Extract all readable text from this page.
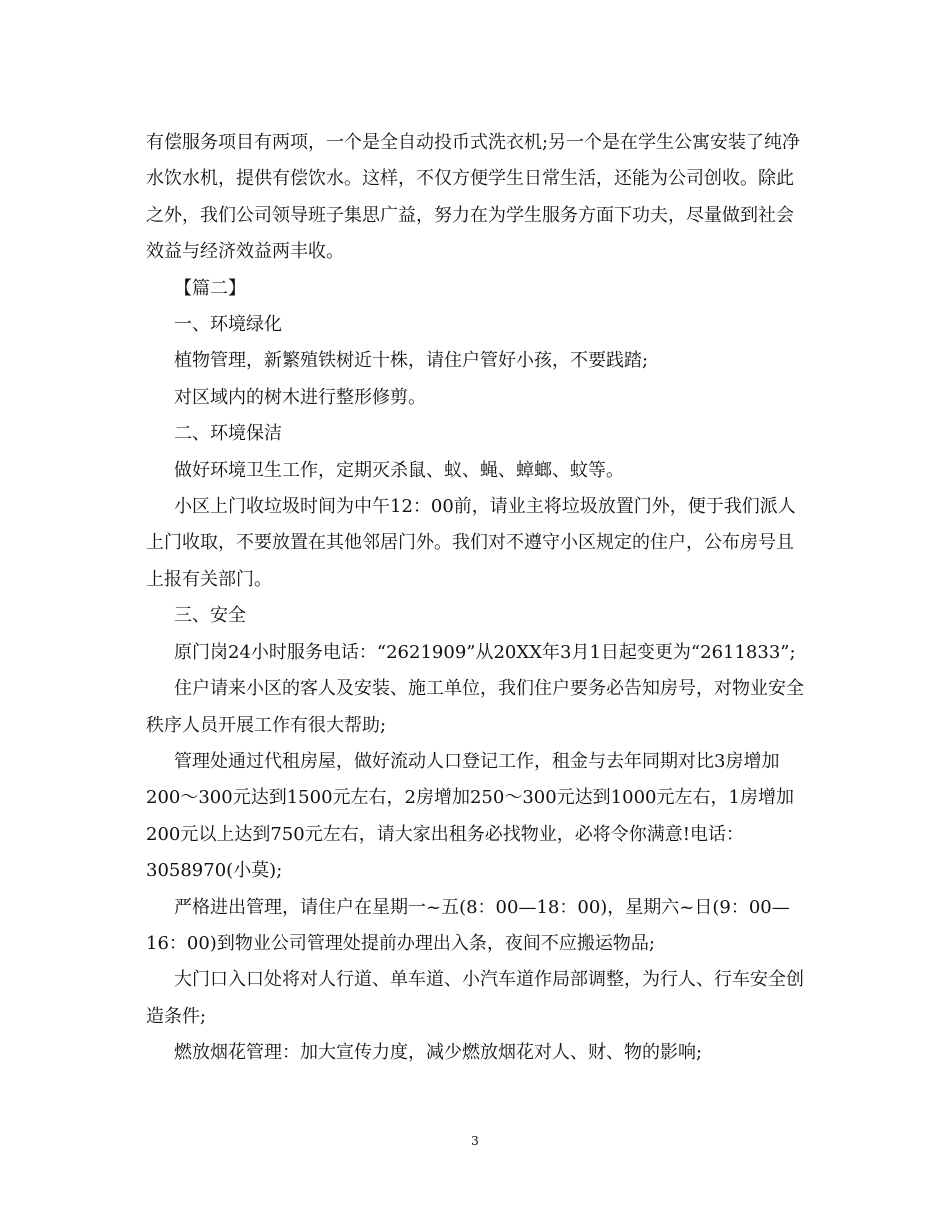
有偿服务项目有两项，一个是全自动投币式洗衣机;另一个是在学生公寓安装了纯净水饮水机，提供有偿饮水。这样，不仅方便学生日常生活，还能为公司创收。除此之外，我们公司领导班子集思广益，努力在为学生服务方面下功夫，尽量做到社会效益与经济效益两丰收。

【篇二】

一、环境绿化

植物管理，新繁殖铁树近十株，请住户管好小孩，不要践踏;

对区域内的树木进行整形修剪。

二、环境保洁

做好环境卫生工作，定期灭杀鼠、蚁、蝇、蟑螂、蚊等。

小区上门收垃圾时间为中午12：00前，请业主将垃圾放置门外，便于我们派人上门收取，不要放置在其他邻居门外。我们对不遵守小区规定的住户，公布房号且上报有关部门。

三、安全

原门岗24小时服务电话：“2621909”从20XX年3月1日起变更为“2611833”;

住户请来小区的客人及安装、施工单位，我们住户要务必告知房号，对物业安全秩序人员开展工作有很大帮助;

管理处通过代租房屋，做好流动人口登记工作，租金与去年同期对比3房增加200～300元达到1500元左右，2房增加250～300元达到1000元左右，1房增加200元以上达到750元左右，请大家出租务必找物业，必将令你满意!电话：3058970(小莫);

严格进出管理，请住户在星期一~五(8：00—18：00)，星期六~日(9：00—16：00)到物业公司管理处提前办理出入条，夜间不应搬运物品;

大门口入口处将对人行道、单车道、小汽车道作局部调整，为行人、行车安全创造条件;

燃放烟花管理：加大宣传力度，减少燃放烟花对人、财、物的影响;

3
